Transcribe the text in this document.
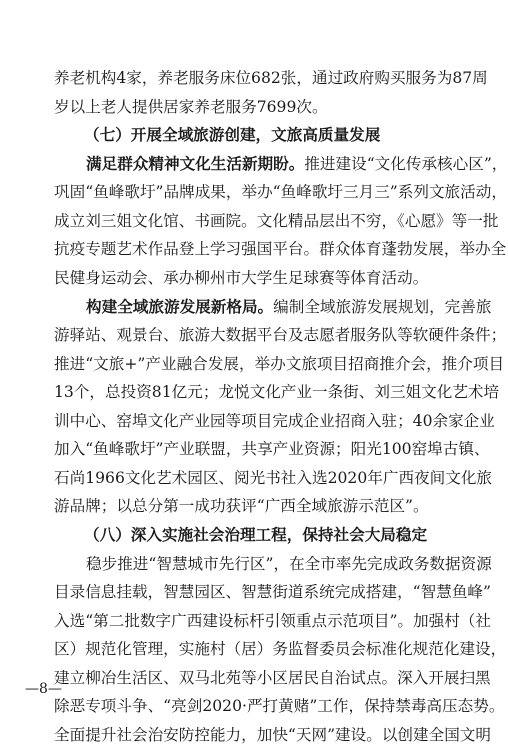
养老机构4家，养老服务床位682张，通过政府购买服务为87周
岁以上老人提供居家养老服务7699次。
（七）开展全域旅游创建，文旅高质量发展
满足群众精神文化生活新期盼。推进建设“文化传承核心区”，
巩固“鱼峰歌圩”品牌成果，举办“鱼峰歌圩三月三”系列文旅活动，
成立刘三姐文化馆、书画院。文化精品层出不穷，《心愿》等一批
抗疫专题艺术作品登上学习强国平台。群众体育蓬勃发展，举办全
民健身运动会、承办柳州市大学生足球赛等体育活动。
构建全域旅游发展新格局。编制全域旅游发展规划，完善旅
游驿站、观景台、旅游大数据平台及志愿者服务队等软硬件条件；
推进“文旅+”产业融合发展，举办文旅项目招商推介会，推介项目
13个，总投资81亿元；龙悦文化产业一条街、刘三姐文化艺术培
训中心、窑埠文化产业园等项目完成企业招商入驻；40余家企业
加入“鱼峰歌圩”产业联盟，共享产业资源；阳光100窑埠古镇、
石尚1966文化艺术园区、阅光书社入选2020年广西夜间文化旅
游品牌；以总分第一成功获评“广西全域旅游示范区”。
（八）深入实施社会治理工程，保持社会大局稳定
稳步推进“智慧城市先行区”，在全市率先完成政务数据资源
目录信息挂载，智慧园区、智慧街道系统完成搭建，“智慧鱼峰”
入选“第二批数字广西建设标杆引领重点示范项目”。加强村（社
区）规范化管理，实施村（居）务监督委员会标准化规范化建设，
建立柳冶生活区、双马北苑等小区居民自治试点。深入开展扫黑
除恶专项斗争、“亮剑2020·严打黄赌”工作，保持禁毒高压态势。
全面提升社会治安防控能力，加快“天网”建设。以创建全国文明
—8—
